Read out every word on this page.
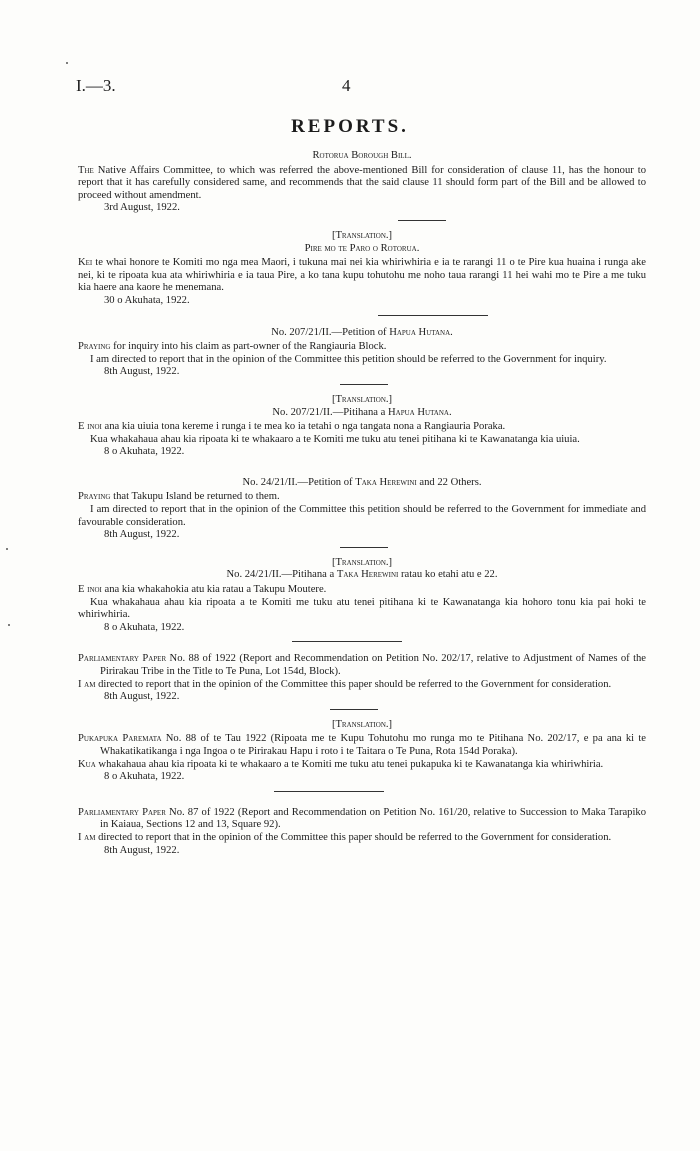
I.—3.	4
REPORTS.
Rotorua Borough Bill.

The Native Affairs Committee, to which was referred the above-mentioned Bill for consideration of clause 11, has the honour to report that it has carefully considered same, and recommends that the said clause 11 should form part of the Bill and be allowed to proceed without amendment.

3rd August, 1922.
[Translation.]
Pire mo te Paro o Rotorua.

Kei te whai honore te Komiti mo nga mea Maori, i tukuna mai nei kia whiriwhiria e ia te rarangi 11 o te Pire kua huaina i runga ake nei, ki te ripoata kua ata whiriwhiria e ia taua Pire, a ko tana kupu tohutohu me noho taua rarangi 11 hei wahi mo te Pire a me tuku kia haere ana kaore he menemana.

30 o Akuhata, 1922.
No. 207/21/II.—Petition of Hapua Hutana.

Praying for inquiry into his claim as part-owner of the Rangiauria Block.

I am directed to report that in the opinion of the Committee this petition should be referred to the Government for inquiry.

8th August, 1922.
[Translation.]
No. 207/21/II.—Pitihana a Hapua Hutana.

E inoi ana kia uiuia tona kereme i runga i te mea ko ia tetahi o nga tangata nona a Rangiauria Poraka.

Kua whakahaua ahau kia ripoata ki te whakaaro a te Komiti me tuku atu tenei pitihana ki te Kawanatanga kia uiuia.

8 o Akuhata, 1922.
No. 24/21/II.—Petition of Taka Herewini and 22 Others.

Praying that Takupu Island be returned to them.

I am directed to report that in the opinion of the Committee this petition should be referred to the Government for immediate and favourable consideration.

8th August, 1922.
[Translation.]
No. 24/21/II.—Pitihana a Taka Herewini ratau ko etahi atu e 22.

E inoi ana kia whakahokia atu kia ratau a Takupu Moutere.

Kua whakahaua ahau kia ripoata a te Komiti me tuku atu tenei pitihana ki te Kawanatanga kia hohoro tonu kia pai hoki te whiriwhiria.

8 o Akuhata, 1922.

Parliamentary Paper No. 88 of 1922 (Report and Recommendation on Petition No. 202/17, relative to Adjustment of Names of the Pirirakau Tribe in the Title to Te Puna, Lot 154d, Block).

I am directed to report that in the opinion of the Committee this paper should be referred to the Government for consideration.

8th August, 1922.
[Translation.]

Pukapuka Paremata No. 88 of te Tau 1922 (Ripoata me te Kupu Tohutohu mo runga mo te Pitihana No. 202/17, e pa ana ki te Whakatikatikanga i nga Ingoa o te Pirirakau Hapu i roto i te Taitara o Te Puna, Rota 154d Poraka).

Kua whakahaua ahau kia ripoata ki te whakaaro a te Komiti me tuku atu tenei pukapuka ki te Kawanatanga kia whiriwhiria.

8 o Akuhata, 1922.

Parliamentary Paper No. 87 of 1922 (Report and Recommendation on Petition No. 161/20, relative to Succession to Maka Tarapiko in Kaiaua, Sections 12 and 13, Square 92).

I am directed to report that in the opinion of the Committee this paper should be referred to the Government for consideration.

8th August, 1922.
